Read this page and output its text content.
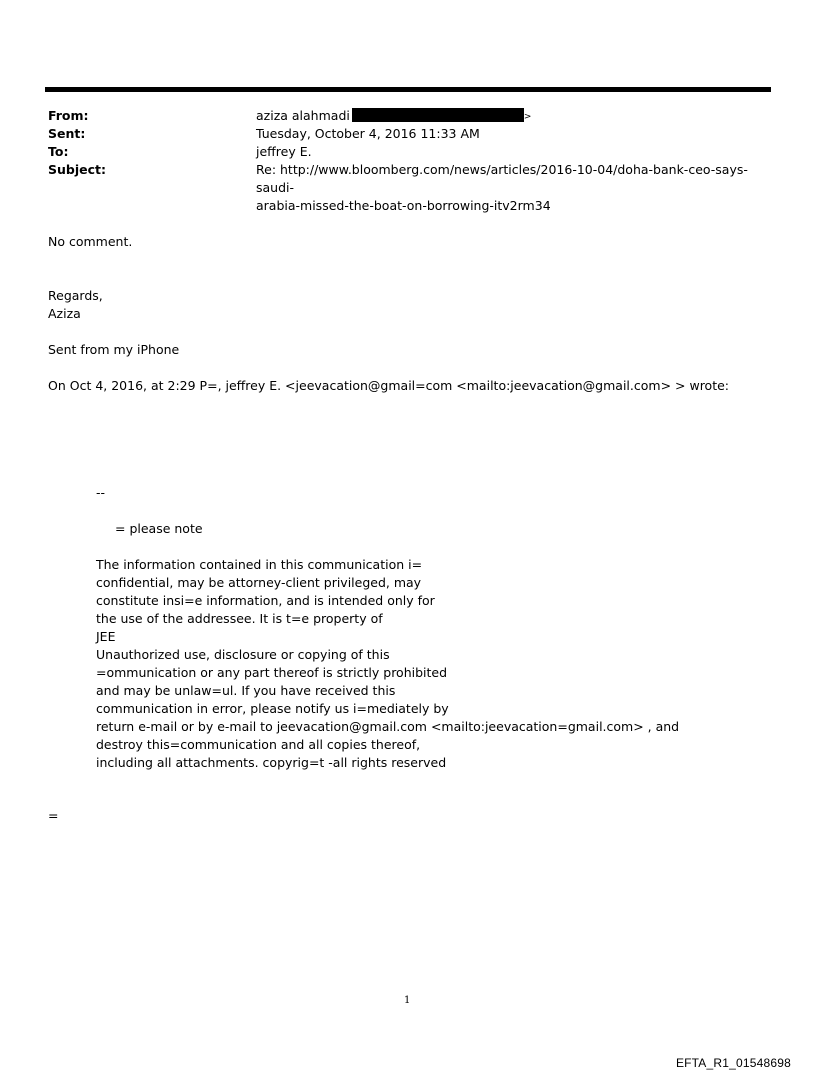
From:
Sent:
To:
Subject:
aziza alahmadi	>
Tuesday, October 4, 2016 11:33 AM
jeffrey E.
Re: http://www.bloomberg.com/news/articles/2016-10-04/doha-bank-ceo-says-saudi-
arabia-missed-the-boat-on-borrowing-itv2rm34
No comment.
Regards,
Aziza
Sent from my iPhone
On Oct 4, 2016, at 2:29 P=, jeffrey E. <jeevacation@gmail=com <mailto:jeevacation@gmail.com> > wrote:
--
= please note
The information contained in this communication i=
confidential, may be attorney-client privileged, may
constitute insi=e information, and is intended only for
the use of the addressee. It is t=e property of
JEE
Unauthorized use, disclosure or copying of this
=ommunication or any part thereof is strictly prohibited
and may be unlaw=ul. If you have received this
communication in error, please notify us i=mediately by
return e-mail or by e-mail to jeevacation@gmail.com <mailto:jeevacation=gmail.com> , and
destroy this=communication and all copies thereof,
including all attachments. copyrig=t -all rights reserved
=
1
EFTA_R1_01548698
